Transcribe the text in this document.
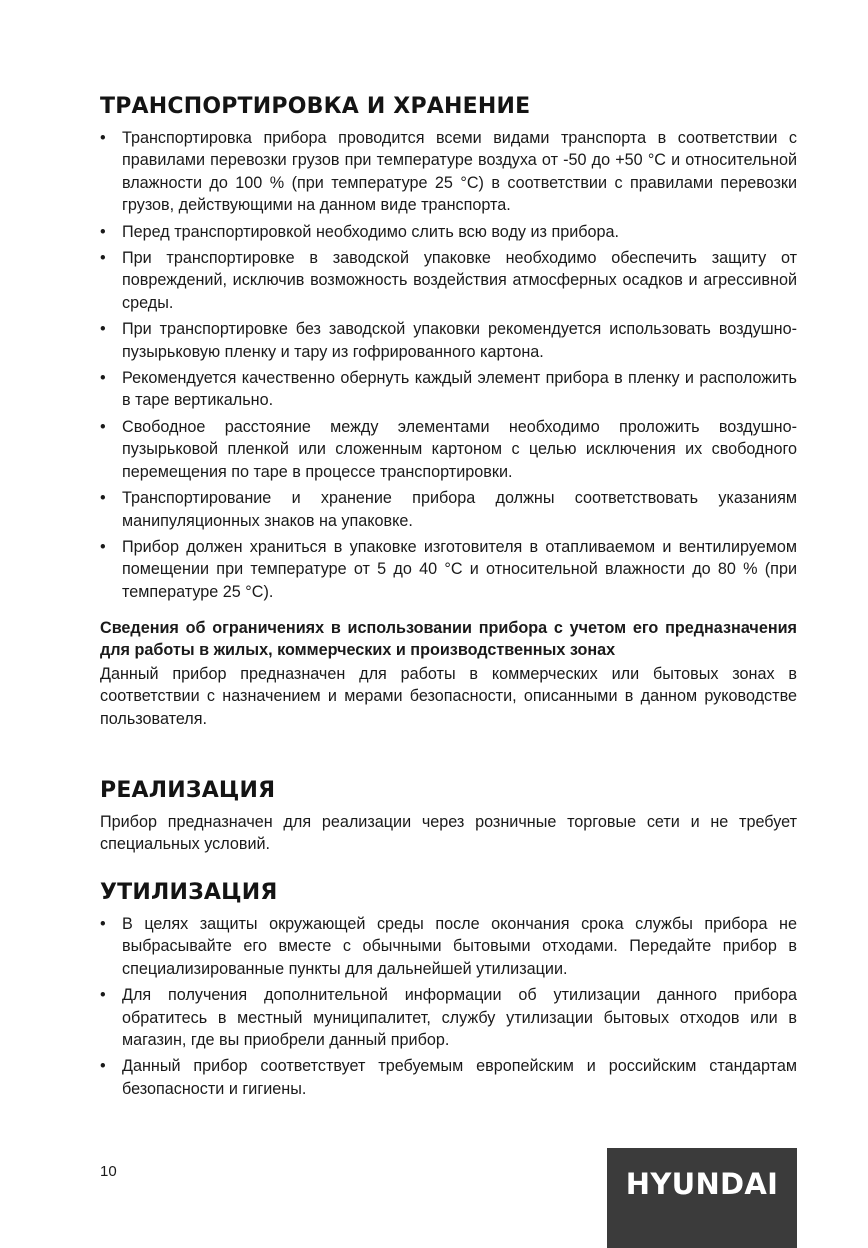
ТРАНСПОРТИРОВКА И ХРАНЕНИЕ
•	Транспортировка прибора проводится всеми видами транспорта в соответствии с правилами перевозки грузов при температуре воздуха от -50 до +50 °С и относительной влажности до 100 % (при температуре 25 °С) в соответствии с правилами перевозки грузов, действующими на данном виде транспорта.
•	Перед транспортировкой необходимо слить всю воду из прибора.
•	При транспортировке в заводской упаковке необходимо обеспечить защиту от повреждений, исключив возможность воздействия атмосферных осадков и агрессивной среды.
•	При транспортировке без заводской упаковки рекомендуется использовать воздушно-пузырьковую пленку и тару из гофрированного картона.
•	Рекомендуется качественно обернуть каждый элемент прибора в пленку и расположить в таре вертикально.
•	Свободное расстояние между элементами необходимо проложить воздушно-пузырьковой пленкой или сложенным картоном с целью исключения их свободного перемещения по таре в процессе транспортировки.
•	Транспортирование и хранение прибора должны соответствовать указаниям манипуляционных знаков на упаковке.
•	Прибор должен храниться в упаковке изготовителя в отапливаемом и вентилируемом помещении при температуре от 5 до 40 °С и относительной влажности до 80 % (при температуре 25 °С).
Сведения об ограничениях в использовании прибора с учетом его предназначения для работы в жилых, коммерческих и производственных зонах
Данный прибор предназначен для работы в коммерческих или бытовых зонах в соответствии с назначением и мерами безопасности, описанными в данном руководстве пользователя.
РЕАЛИЗАЦИЯ
Прибор предназначен для реализации через розничные торговые сети и не требует специальных условий.
УТИЛИЗАЦИЯ
•	В целях защиты окружающей среды после окончания срока службы прибора не выбрасывайте его вместе с обычными бытовыми отходами. Передайте прибор в специализированные пункты для дальнейшей утилизации.
•	Для получения дополнительной информации об утилизации данного прибора обратитесь в местный муниципалитет, службу утилизации бытовых отходов или в магазин, где вы приобрели данный прибор.
•	Данный прибор соответствует требуемым европейским и российским стандартам безопасности и гигиены.
10	HYUNDAI
